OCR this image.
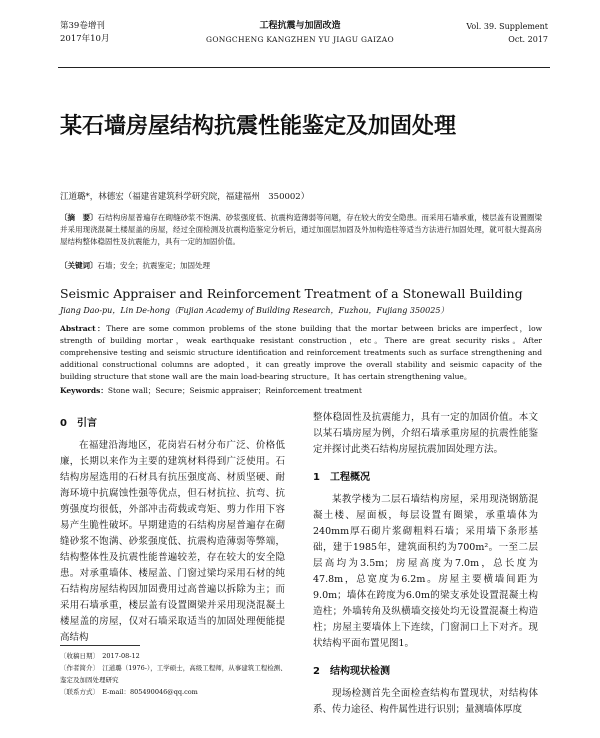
第39卷增刊
2017年10月
工程抗震与加固改造
GONGCHENG KANGZHEN YU JIAGU GAIZAO
Vol. 39. Supplement
Oct. 2017
某石墙房屋结构抗震性能鉴定及加固处理
江道璐*，林德宏（福建省建筑科学研究院，福建福州　350002）
〔摘　要〕石结构房屋普遍存在砌缝砂浆不饱满、砂浆强度低、抗震构造薄弱等问题，存在较大的安全隐患。而采用石墙承重，楼层盖有设置圈梁并采用现浇混凝土楼屋盖的房屋，经过全面检测及抗震构造鉴定分析后，通过加面层加固及外加构造柱等适当方法进行加固处理，就可很大提高房屋结构整体稳固性及抗震能力，具有一定的加固价值。
〔关键词〕石墙；安全；抗震鉴定；加固处理
Seismic Appraiser and Reinforcement Treatment of a Stonewall Building
Jiang Dao-pu，Lin De-hong（Fujian Academy of Building Research，Fuzhou，Fujiang 350025）
Abstract：There are some common problems of the stone building that the mortar between bricks are imperfect，low strength of building mortar，weak earthquake resistant construction，etc。There are great security risks。After comprehensive testing and seismic structure identification and reinforcement treatments such as surface strengthening and additional constructional columns are adopted，it can greatly improve the overall stability and seismic capacity of the building structure that stone wall are the main load-bearing structure。It has certain strengthening value。
Keywords：Stone wall；Secure；Seismic appraiser；Reinforcement treatment
0　引言

在福建沿海地区，花岗岩石材分布广泛、价格低廉，长期以来作为主要的建筑材料得到广泛使用。石结构房屋选用的石材具有抗压强度高、材质坚硬、耐海环境中抗腐蚀性强等优点，但石材抗拉、抗弯、抗剪强度均很低，外部冲击荷载或弯矩、剪力作用下容易产生脆性破坏。早期建造的石结构房屋普遍存在砌缝砂浆不饱满、砂浆强度低、抗震构造薄弱等弊端，结构整体性及抗震性能普遍较差，存在较大的安全隐患。对承重墙体、楼屋盖、门窗过梁均采用石材的纯石结构房屋结构因加固费用过高普遍以拆除为主；而采用石墙承重，楼层盖有设置圈梁并采用现浇混凝土楼屋盖的房屋，仅对石墙采取适当的加固处理便能提高结构

整体稳固性及抗震能力，具有一定的加固价值。本文以某石墙房屋为例，介绍石墙承重房屋的抗震性能鉴定并探讨此类石结构房屋抗震加固处理方法。

1　工程概况

某教学楼为二层石墙结构房屋，采用现浇钢筋混凝土楼、屋面板，每层设置有圈梁，承重墙体为240mm厚石砌片浆砌粗料石墙；采用墙下条形基础，建于1985年，建筑面积约为700m²。一至二层层高均为3.5m；房屋高度为7.0m，总长度为47.8m，总宽度为6.2m。房屋主要横墙间距为9.0m；墙体在跨度为6.0m的梁支承处设置混凝土构造柱；外墙转角及纵横墙交接处均无设置混凝土构造柱；房屋主要墙体上下连续，门窗洞口上下对齐。现状结构平面布置见图1。

2　结构现状检测

现场检测首先全面检查结构布置现状，对结构体系、传力途径、构件属性进行识别；量测墙体厚度

〔收稿日期〕　2017-08-12
〔作者简介〕　江道璐（1976-），工学硕士，高级工程师，从事建筑工程检测、鉴定及加固处理研究
〔联系方式〕　E-mail：805490046@qq.com
